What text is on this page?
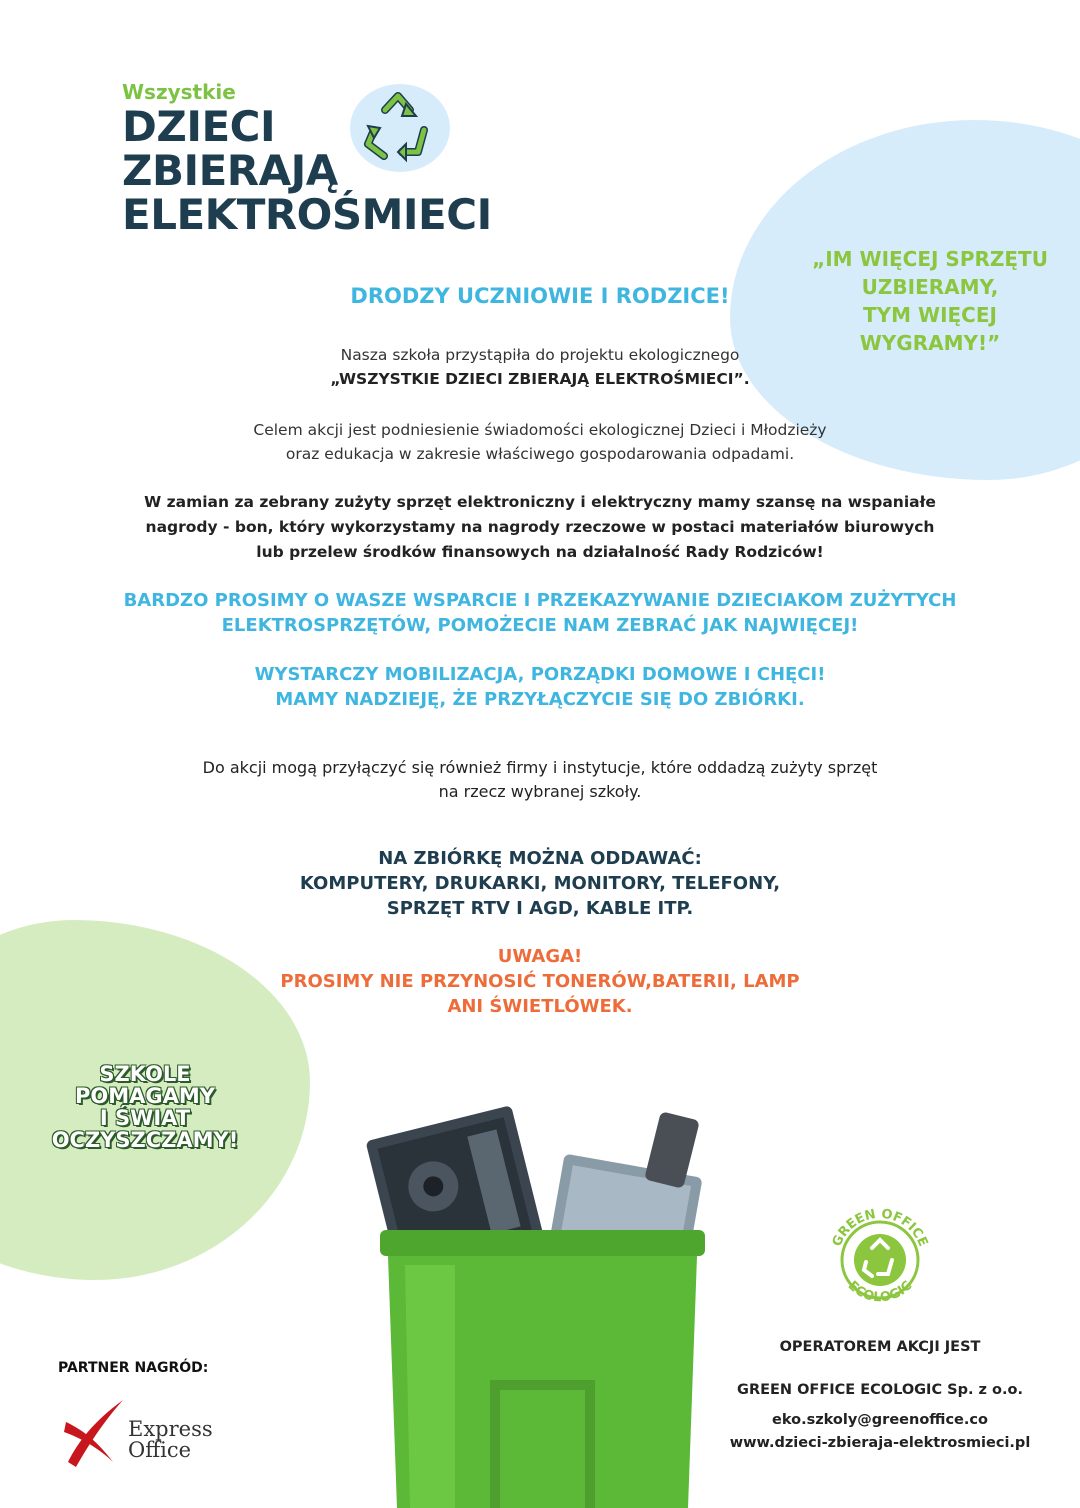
Wszystkie
DZIECI
ZBIERAJĄ
ELEKTROŚMIECI
„IM WIĘCEJ SPRZĘTU
UZBIERAMY,
TYM WIĘCEJ
WYGRAMY!”
DRODZY UCZNIOWIE I RODZICE!
Nasza szkoła przystąpiła do projektu ekologicznego
„WSZYSTKIE DZIECI ZBIERAJĄ ELEKTROŚMIECI”.
Celem akcji jest podniesienie świadomości ekologicznej Dzieci i Młodzieży
oraz edukacja w zakresie właściwego gospodarowania odpadami.
W zamian za zebrany zużyty sprzęt elektroniczny i elektryczny mamy szansę na wspaniałe
nagrody - bon, który wykorzystamy na nagrody rzeczowe w postaci materiałów biurowych
lub przelew środków finansowych na działalność Rady Rodziców!
BARDZO PROSIMY O WASZE WSPARCIE I PRZEKAZYWANIE DZIECIAKOM ZUŻYTYCH
ELEKTROSPRZĘTÓW, POMOŻECIE NAM ZEBRAĆ JAK NAJWIĘCEJ!
WYSTARCZY MOBILIZACJA, PORZĄDKI DOMOWE I CHĘCI!
MAMY NADZIEJĘ, ŻE PRZYŁĄCZYCIE SIĘ DO ZBIÓRKI.
Do akcji mogą przyłączyć się również firmy i instytucje, które oddadzą zużyty sprzęt
na rzecz wybranej szkoły.
NA ZBIÓRKĘ MOŻNA ODDAWAĆ:
KOMPUTERY, DRUKARKI, MONITORY, TELEFONY,
SPRZĘT RTV I AGD, KABLE ITP.
UWAGA!
PROSIMY NIE PRZYNOSIĆ TONERÓW,BATERII, LAMP
ANI ŚWIETLÓWEK.
SZKOLE
POMAGAMY
I ŚWIAT
OCZYSZCZAMY!
GREEN OFFICE
ECOLOGIC
OPERATOREM AKCJI JEST
GREEN OFFICE ECOLOGIC Sp. z o.o.
eko.szkoly@greenoffice.co
www.dzieci-zbieraja-elektrosmieci.pl
PARTNER NAGRÓD:
Express
Office
